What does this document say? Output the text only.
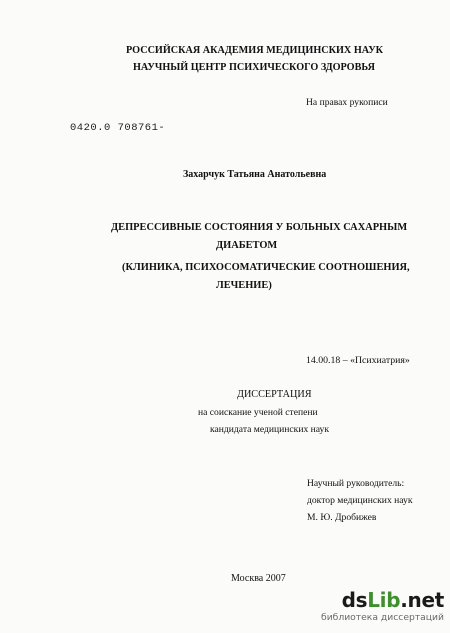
РОССИЙСКАЯ АКАДЕМИЯ МЕДИЦИНСКИХ НАУК
НАУЧНЫЙ ЦЕНТР ПСИХИЧЕСКОГО ЗДОРОВЬЯ
На правах рукописи
0420.0 708761-
Захарчук Татьяна Анатольевна
ДЕПРЕССИВНЫЕ СОСТОЯНИЯ У БОЛЬНЫХ САХАРНЫМ
ДИАБЕТОМ
(КЛИНИКА, ПСИХОСОМАТИЧЕСКИЕ СООТНОШЕНИЯ,
ЛЕЧЕНИЕ)
14.00.18 – «Психиатрия»
ДИССЕРТАЦИЯ
на соискание ученой степени
кандидата медицинских наук
Научный руководитель:
доктор медицинских наук
М. Ю. Дробижев
Москва 2007
dsLib.net
библиотека диссертаций
